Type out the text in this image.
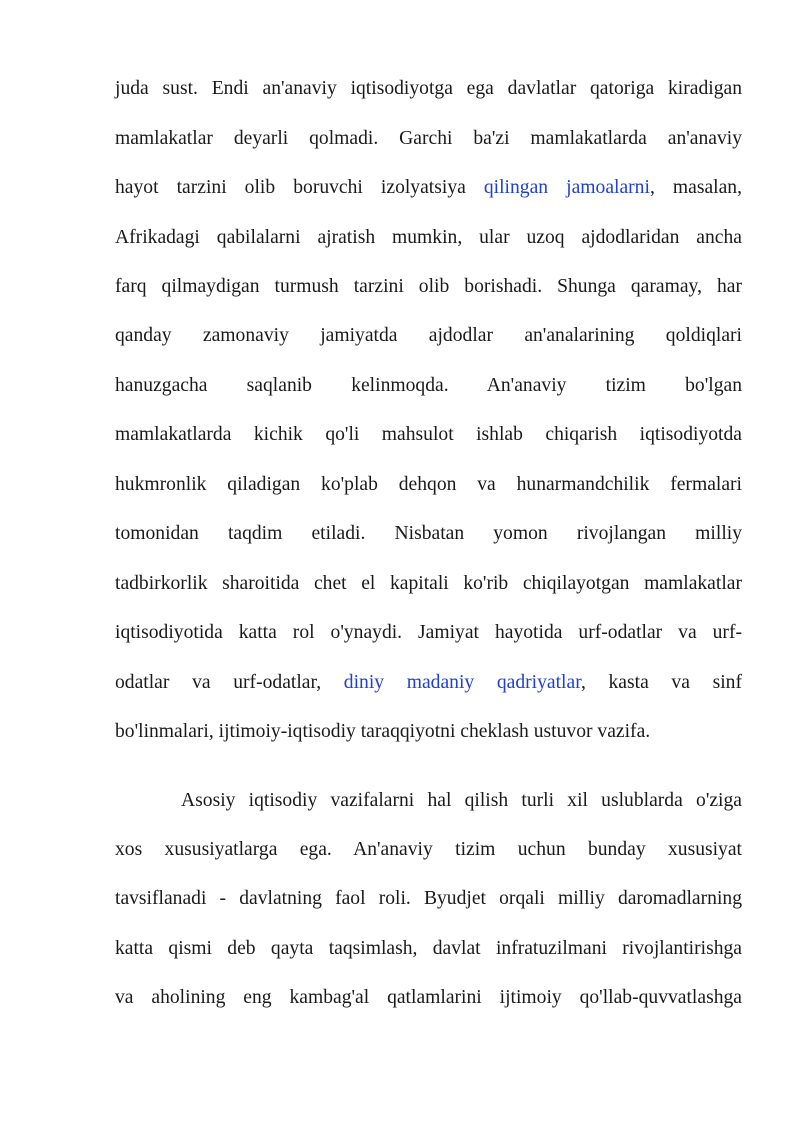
juda sust. Endi an'anaviy iqtisodiyotga ega davlatlar qatoriga kiradigan
mamlakatlar deyarli qolmadi. Garchi ba'zi mamlakatlarda an'anaviy
hayot tarzini olib boruvchi izolyatsiya qilingan jamoalarni, masalan,
Afrikadagi qabilalarni ajratish mumkin, ular uzoq ajdodlaridan ancha
farq qilmaydigan turmush tarzini olib borishadi. Shunga qaramay, har
qanday zamonaviy jamiyatda ajdodlar an'analarining qoldiqlari
hanuzgacha saqlanib kelinmoqda. An'anaviy tizim bo'lgan
mamlakatlarda kichik qo'li mahsulot ishlab chiqarish iqtisodiyotda
hukmronlik qiladigan ko'plab dehqon va hunarmandchilik fermalari
tomonidan taqdim etiladi. Nisbatan yomon rivojlangan milliy
tadbirkorlik sharoitida chet el kapitali ko'rib chiqilayotgan mamlakatlar
iqtisodiyotida katta rol o'ynaydi. Jamiyat hayotida urf-odatlar va urf-
odatlar va urf-odatlar, diniy madaniy qadriyatlar, kasta va sinf
bo'linmalari, ijtimoiy-iqtisodiy taraqqiyotni cheklash ustuvor vazifa.
Asosiy iqtisodiy vazifalarni hal qilish turli xil uslublarda o'ziga
xos xususiyatlarga ega. An'anaviy tizim uchun bunday xususiyat
tavsiflanadi - davlatning faol roli. Byudjet orqali milliy daromadlarning
katta qismi deb qayta taqsimlash, davlat infratuzilmani rivojlantirishga
va aholining eng kambag'al qatlamlarini ijtimoiy qo'llab-quvvatlashga
